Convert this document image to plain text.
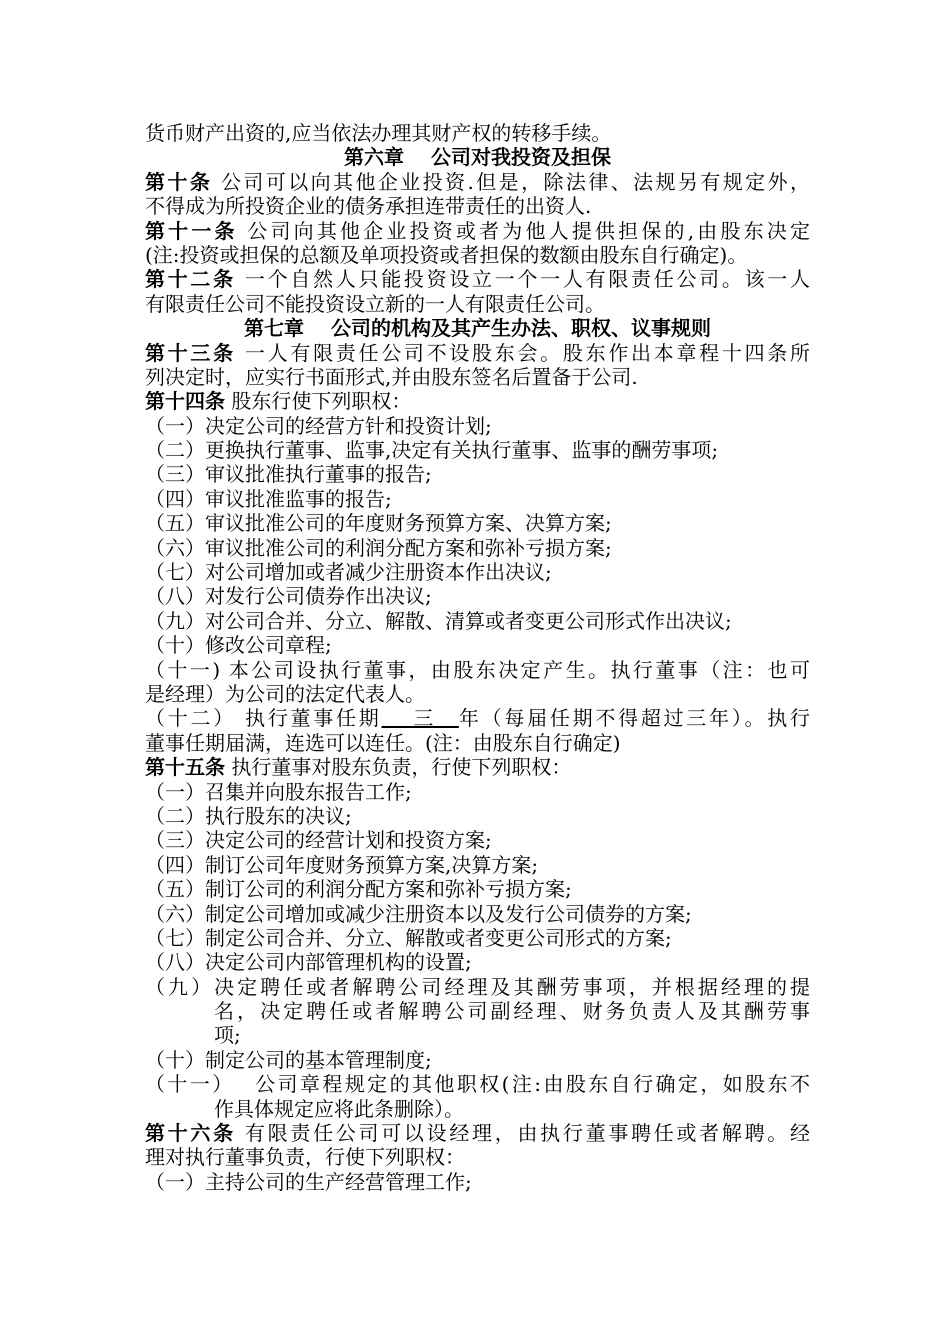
货币财产出资的,应当依法办理其财产权的转移手续。
第六章　 公司对我投资及担保
第十条 公司可以向其他企业投资.但是，除法律、法规另有规定外，
不得成为所投资企业的债务承担连带责任的出资人.
第十一条 公司向其他企业投资或者为他人提供担保的,由股东决定
(注:投资或担保的总额及单项投资或者担保的数额由股东自行确定)。
第十二条 一个自然人只能投资设立一个一人有限责任公司。该一人
有限责任公司不能投资设立新的一人有限责任公司。
第七章　 公司的机构及其产生办法、职权、议事规则
第十三条 一人有限责任公司不设股东会。股东作出本章程十四条所
列决定时，应实行书面形式,并由股东签名后置备于公司.
第十四条 股东行使下列职权：
（一）决定公司的经营方针和投资计划;
（二）更换执行董事、监事,决定有关执行董事、监事的酬劳事项;
（三）审议批准执行董事的报告;
（四）审议批准监事的报告;
（五）审议批准公司的年度财务预算方案、决算方案;
（六）审议批准公司的利润分配方案和弥补亏损方案;
（七）对公司增加或者减少注册资本作出决议;
（八）对发行公司债券作出决议;
（九）对公司合并、分立、解散、清算或者变更公司形式作出决议;
（十）修改公司章程;
（十一) 本公司设执行董事，由股东决定产生。执行董事（注：也可
是经理）为公司的法定代表人。
（十二） 执行董事任期　 三　年（每届任期不得超过三年）。执行
董事任期届满，连选可以连任。(注：由股东自行确定)
第十五条 执行董事对股东负责，行使下列职权：
（一）召集并向股东报告工作;
（二）执行股东的决议;
（三）决定公司的经营计划和投资方案;
（四）制订公司年度财务预算方案,决算方案;
（五）制订公司的利润分配方案和弥补亏损方案;
（六）制定公司增加或减少注册资本以及发行公司债券的方案;
（七）制定公司合并、分立、解散或者变更公司形式的方案;
（八）决定公司内部管理机构的设置;
（九）决定聘任或者解聘公司经理及其酬劳事项，并根据经理的提
名，决定聘任或者解聘公司副经理、财务负责人及其酬劳事
项;
（十）制定公司的基本管理制度;
（十一） 公司章程规定的其他职权(注:由股东自行确定，如股东不
作具体规定应将此条删除）。
第十六条 有限责任公司可以设经理，由执行董事聘任或者解聘。经
理对执行董事负责，行使下列职权：
（一）主持公司的生产经营管理工作;
